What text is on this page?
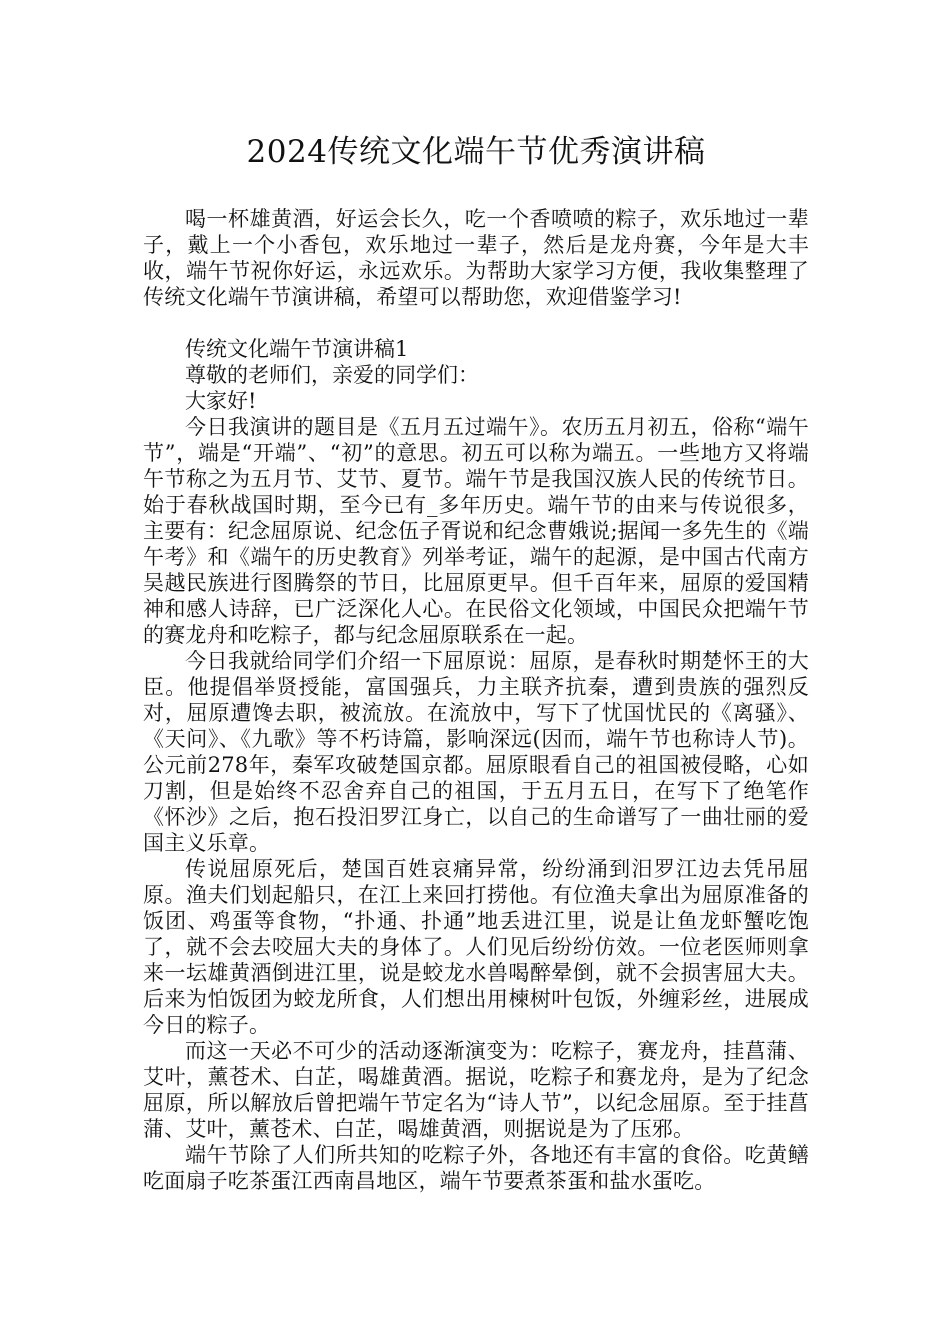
2024传统文化端午节优秀演讲稿

喝一杯雄黄酒，好运会长久，吃一个香喷喷的粽子，欢乐地过一辈子，戴上一个小香包，欢乐地过一辈子，然后是龙舟赛，今年是大丰收，端午节祝你好运，永远欢乐。为帮助大家学习方便，我收集整理了传统文化端午节演讲稿，希望可以帮助您，欢迎借鉴学习!

传统文化端午节演讲稿1

尊敬的老师们，亲爱的同学们：

大家好!

今日我演讲的题目是《五月五过端午》。农历五月初五，俗称“端午节”，端是“开端”、“初”的意思。初五可以称为端五。一些地方又将端午节称之为五月节、艾节、夏节。端午节是我国汉族人民的传统节日。始于春秋战国时期，至今已有_多年历史。端午节的由来与传说很多，主要有：纪念屈原说、纪念伍子胥说和纪念曹娥说;据闻一多先生的《端午考》和《端午的历史教育》列举考证，端午的起源，是中国古代南方吴越民族进行图腾祭的节日，比屈原更早。但千百年来，屈原的爱国精神和感人诗辞，已广泛深化人心。在民俗文化领域，中国民众把端午节的赛龙舟和吃粽子，都与纪念屈原联系在一起。

今日我就给同学们介绍一下屈原说：屈原，是春秋时期楚怀王的大臣。他提倡举贤授能，富国强兵，力主联齐抗秦，遭到贵族的强烈反对，屈原遭馋去职，被流放。在流放中，写下了忧国忧民的《离骚》、《天问》、《九歌》等不朽诗篇，影响深远(因而，端午节也称诗人节)。公元前278年，秦军攻破楚国京都。屈原眼看自己的祖国被侵略，心如刀割，但是始终不忍舍弃自己的祖国，于五月五日，在写下了绝笔作《怀沙》之后，抱石投汨罗江身亡，以自己的生命谱写了一曲壮丽的爱国主义乐章。

传说屈原死后，楚国百姓哀痛异常，纷纷涌到汨罗江边去凭吊屈原。渔夫们划起船只，在江上来回打捞他。有位渔夫拿出为屈原准备的饭团、鸡蛋等食物，“扑通、扑通”地丢进江里，说是让鱼龙虾蟹吃饱了，就不会去咬屈大夫的身体了。人们见后纷纷仿效。一位老医师则拿来一坛雄黄酒倒进江里，说是蛟龙水兽喝醉晕倒，就不会损害屈大夫。后来为怕饭团为蛟龙所食，人们想出用楝树叶包饭，外缠彩丝，进展成今日的粽子。

而这一天必不可少的活动逐渐演变为：吃粽子，赛龙舟，挂菖蒲、艾叶，薰苍术、白芷，喝雄黄酒。据说，吃粽子和赛龙舟，是为了纪念屈原，所以解放后曾把端午节定名为“诗人节”，以纪念屈原。至于挂菖蒲、艾叶，薰苍术、白芷，喝雄黄酒，则据说是为了压邪。

端午节除了人们所共知的吃粽子外，各地还有丰富的食俗。吃黄鳝吃面扇子吃茶蛋江西南昌地区，端午节要煮茶蛋和盐水蛋吃。
